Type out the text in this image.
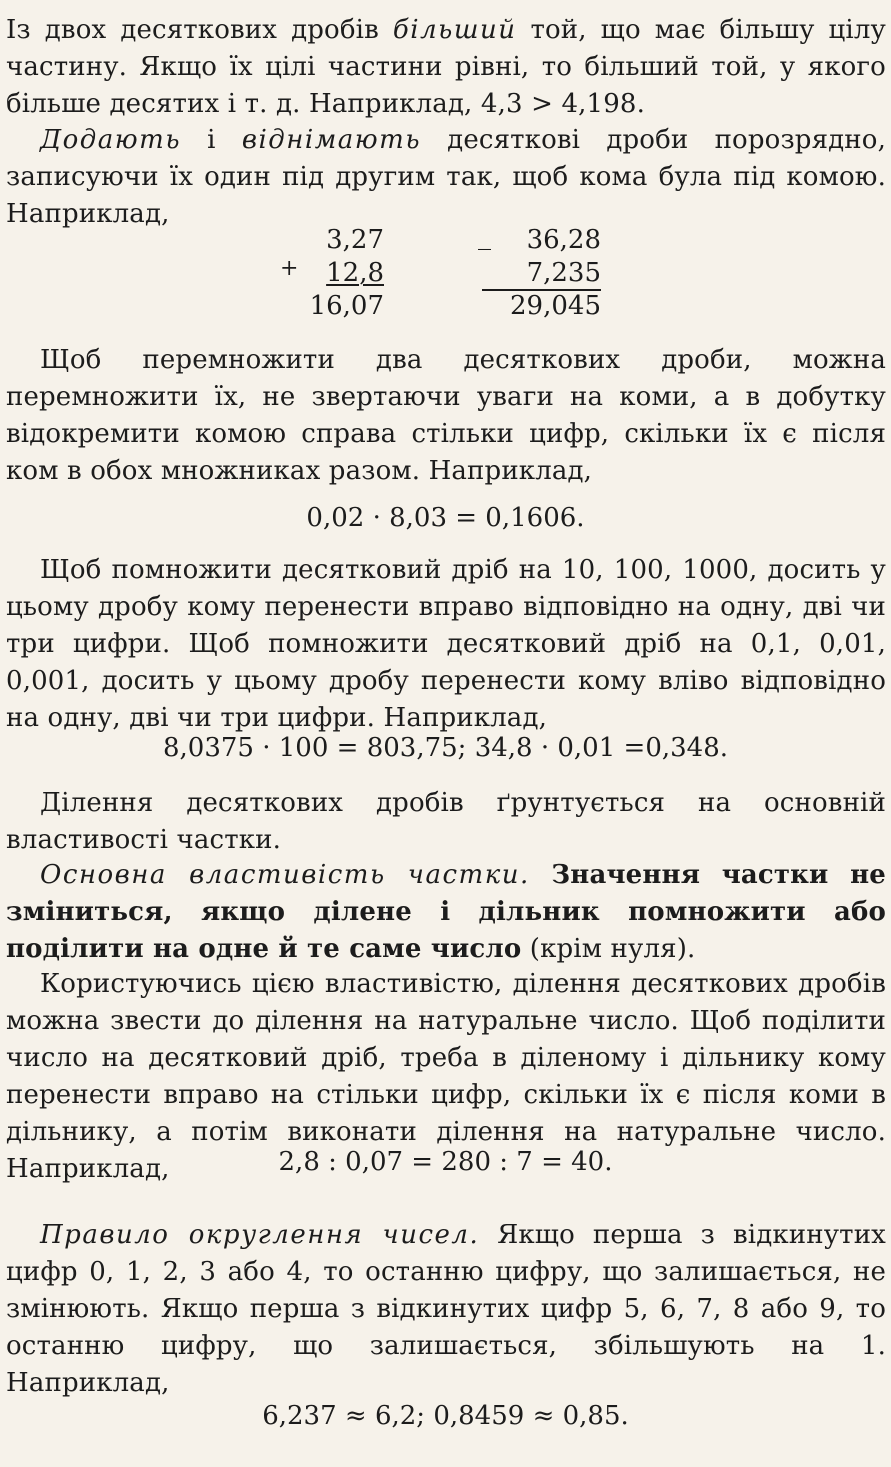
Із двох десяткових дробів більший той, що має більшу цілу частину. Якщо їх цілі частини рівні, то більший той, у якого більше десятих і т. д. Наприклад, 4,3 > 4,198.

Додають і віднімають десяткові дроби порозрядно, записуючи їх один під другим так, щоб кома була під комою. Наприклад,

+
3,27
12,8
16,07
_ 36,28
7,235
29,045

Щоб перемножити два десяткових дроби, можна перемножити їх, не звертаючи уваги на коми, а в добутку відокремити комою справа стільки цифр, скільки їх є після ком в обох множниках разом. Наприклад,

0,02 · 8,03 = 0,1606.

Щоб помножити десятковий дріб на 10, 100, 1000, досить у цьому дробу кому перенести вправо відповідно на одну, дві чи три цифри. Щоб помножити десятковий дріб на 0,1, 0,01, 0,001, досить у цьому дробу перенести кому вліво відповідно на одну, дві чи три цифри. Наприклад,

8,0375 · 100 = 803,75; 34,8 · 0,01 =0,348.

Ділення десяткових дробів ґрунтується на основній властивості частки.

Основна властивість частки. Значення частки не зміниться, якщо ділене і дільник помножити або поділити на одне й те саме число (крім нуля).

Користуючись цією властивістю, ділення десяткових дробів можна звести до ділення на натуральне число. Щоб поділити число на десятковий дріб, треба в діленому і дільнику кому перенести вправо на стільки цифр, скільки їх є після коми в дільнику, а потім виконати ділення на натуральне число. Наприклад,	2,8 : 0,07 = 280 : 7 = 40.

Правило округлення чисел. Якщо перша з відкинутих цифр 0, 1, 2, 3 або 4, то останню цифру, що залишається, не змінюють. Якщо перша з відкинутих цифр 5, 6, 7, 8 або 9, то останню цифру, що залишається, збільшують на 1. Наприклад,

6,237 ≈ 6,2; 0,8459 ≈ 0,85.
